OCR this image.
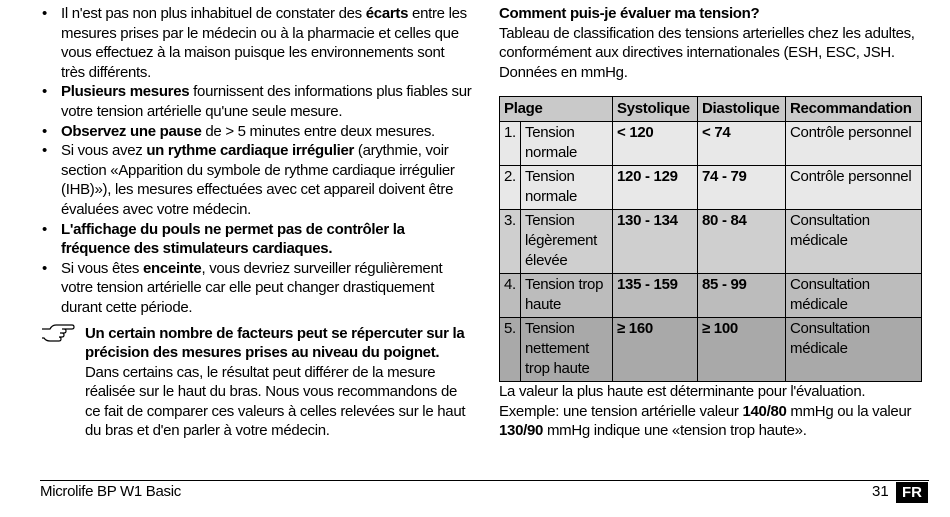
• Il n'est pas non plus inhabituel de constater des écarts entre les mesures prises par le médecin ou à la pharmacie et celles que vous effectuez à la maison puisque les environnements sont très différents.
• Plusieurs mesures fournissent des informations plus fiables sur votre tension artérielle qu'une seule mesure.
• Observez une pause de > 5 minutes entre deux mesures.
• Si vous avez un rythme cardiaque irrégulier (arythmie, voir section «Apparition du symbole de rythme cardiaque irrégulier (IHB)»), les mesures effectuées avec cet appareil doivent être évaluées avec votre médecin.
• L'affichage du pouls ne permet pas de contrôler la fréquence des stimulateurs cardiaques.
• Si vous êtes enceinte, vous devriez surveiller régulièrement votre tension artérielle car elle peut changer drastiquement durant cette période.
Un certain nombre de facteurs peut se répercuter sur la précision des mesures prises au niveau du poignet. Dans certains cas, le résultat peut différer de la mesure réalisée sur le haut du bras. Nous vous recommandons de ce fait de comparer ces valeurs à celles relevées sur le haut du bras et d'en parler à votre médecin.
Comment puis-je évaluer ma tension?

Tableau de classification des tensions arterielles chez les adultes, conformément aux directives internationales (ESH, ESC, JSH. Données en mmHg.

Plage		Systolique	Diastolique	Recommandation
1.	Tension normale	< 120	< 74	Contrôle personnel
2.	Tension normale	120 - 129	74 - 79	Contrôle personnel
3.	Tension légèrement élevée	130 - 134	80 - 84	Consultation médicale
4.	Tension trop haute	135 - 159	85 - 99	Consultation médicale
5.	Tension nettement trop haute	≥ 160	≥ 100	Consultation médicale

La valeur la plus haute est déterminante pour l'évaluation. Exemple: une tension artérielle valeur 140/80 mmHg ou la valeur 130/90 mmHg indique une «tension trop haute».

Microlife BP W1 Basic	31 FR
